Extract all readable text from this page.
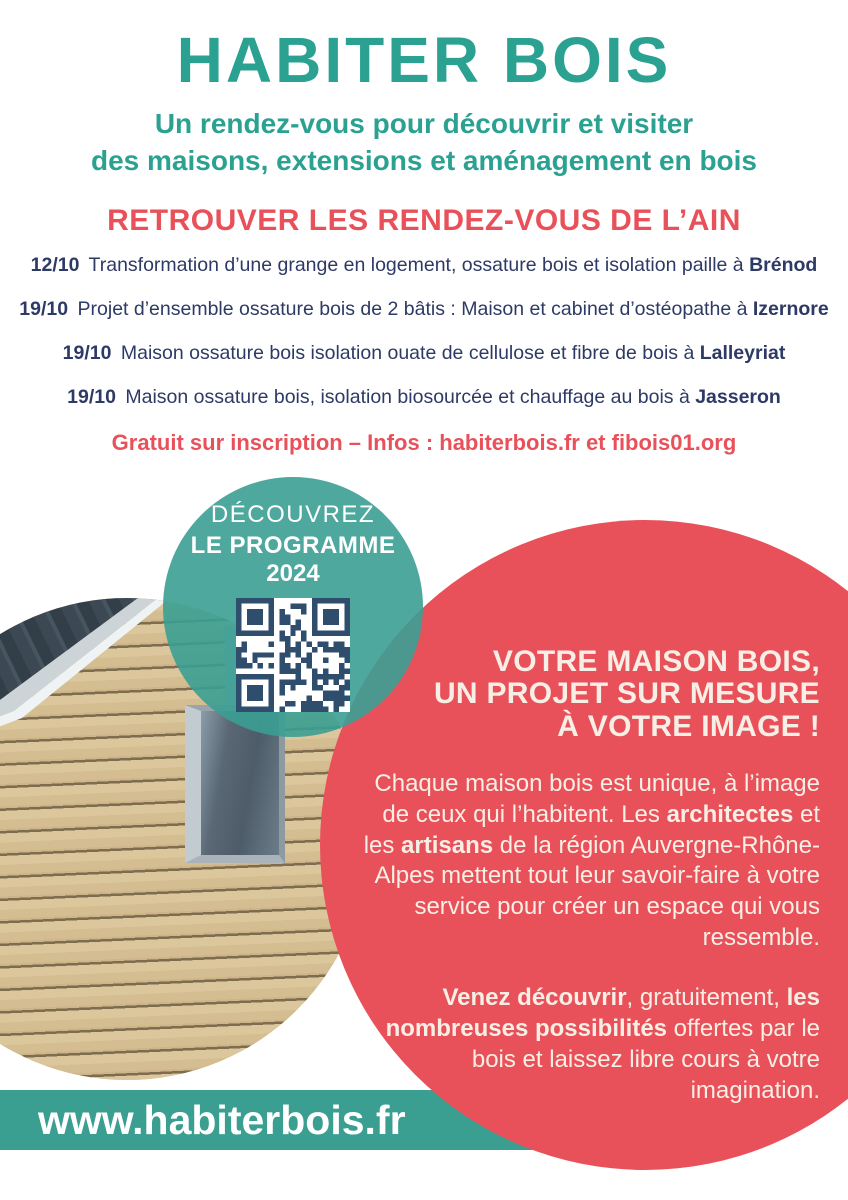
HABITER BOIS
Un rendez-vous pour découvrir et visiter
des maisons, extensions et aménagement en bois
RETROUVER LES RENDEZ-VOUS DE L’AIN
12/10 Transformation d’une grange en logement, ossature bois et isolation paille à Brénod
19/10 Projet d’ensemble ossature bois de 2 bâtis : Maison et cabinet d’ostéopathe à Izernore
19/10 Maison ossature bois isolation ouate de cellulose et fibre de bois à Lalleyriat
19/10 Maison ossature bois, isolation biosourcée et chauffage au bois à Jasseron
Gratuit sur inscription – Infos : habiterbois.fr et fibois01.org
www.habiterbois.fr
VOTRE MAISON BOIS,
UN PROJET SUR MESURE
À VOTRE IMAGE !

Chaque maison bois est unique, à l’image de ceux qui l’habitent. Les architectes et les artisans de la région Auvergne-Rhône-Alpes mettent tout leur savoir-faire à votre service pour créer un espace qui vous ressemble.

Venez découvrir, gratuitement, les nombreuses possibilités offertes par le bois et laissez libre cours à votre imagination.

DÉCOUVREZ
LE PROGRAMME
2024
